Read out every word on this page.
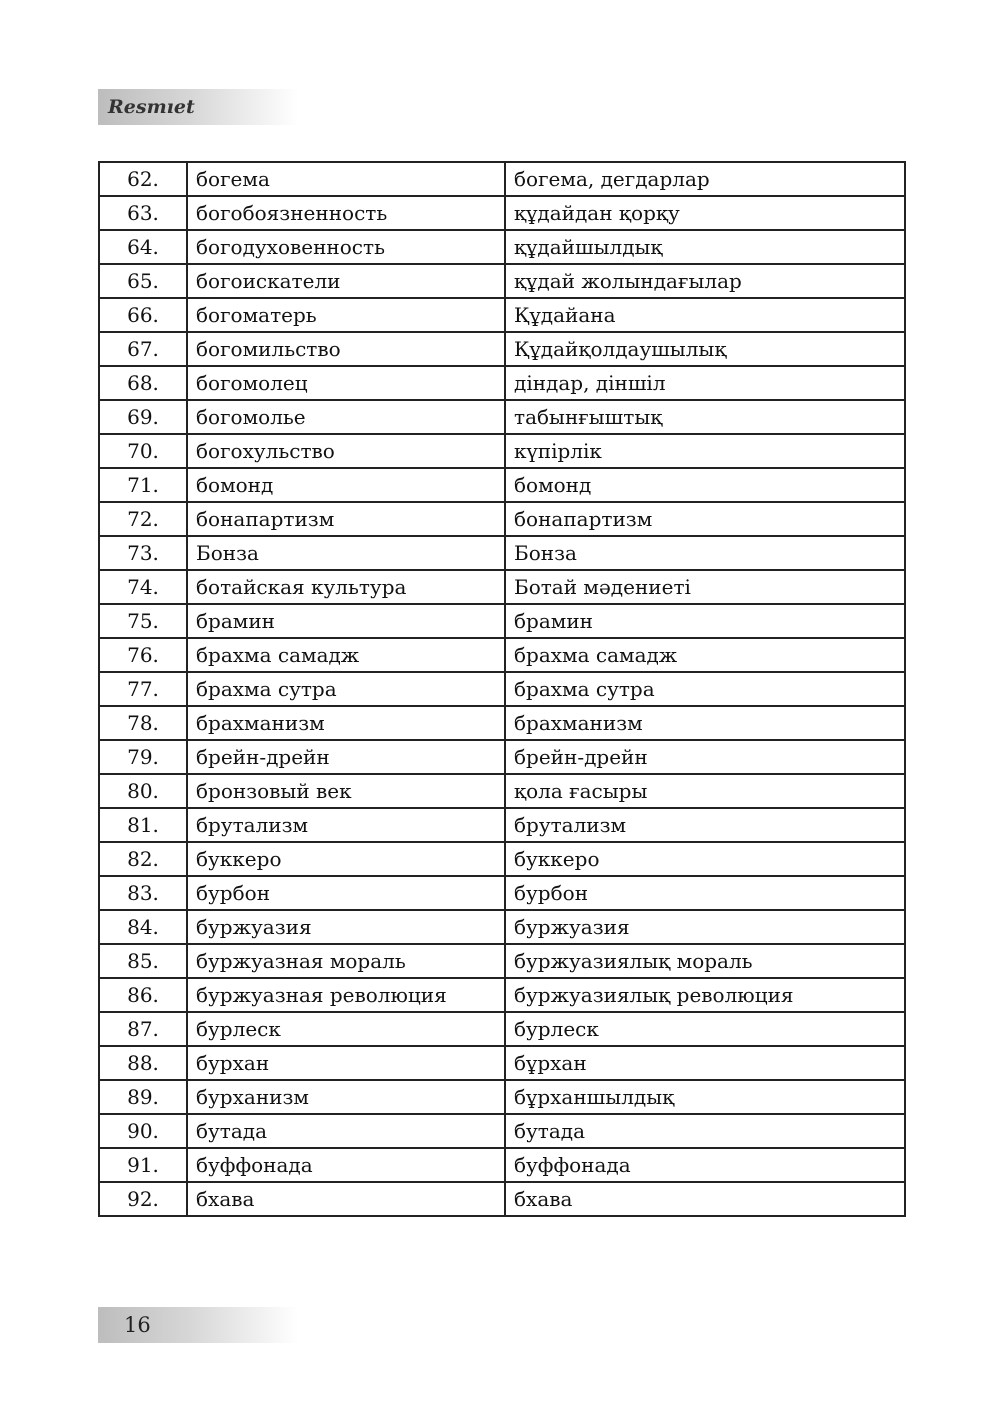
Resmıet
62.	богема	богема, дегдарлар
63.	богобоязненность	құдайдан қорқу
64.	богодуховенность	құдайшылдық
65.	богоискатели	құдай жолындағылар
66.	богоматерь	Құдайана
67.	богомильство	Құдайқолдаушылық
68.	богомолец	діндар, діншіл
69.	богомолье	табынғыштық
70.	богохульство	күпірлік
71.	бомонд	бомонд
72.	бонапартизм	бонапартизм
73.	Бонза	Бонза
74.	ботайская культура	Ботай мәдениеті
75.	брамин	брамин
76.	брахма самадж	брахма самадж
77.	брахма сутра	брахма сутра
78.	брахманизм	брахманизм
79.	брейн-дрейн	брейн-дрейн
80.	бронзовый век	қола ғасыры
81.	брутализм	брутализм
82.	буккеро	буккеро
83.	бурбон	бурбон
84.	буржуазия	буржуазия
85.	буржуазная мораль	буржуазиялық мораль
86.	буржуазная революция	буржуазиялық революция
87.	бурлеск	бурлеск
88.	бурхан	бұрхан
89.	бурханизм	бұрханшылдық
90.	бутада	бутада
91.	буффонада	буффонада
92.	бхава	бхава
16
